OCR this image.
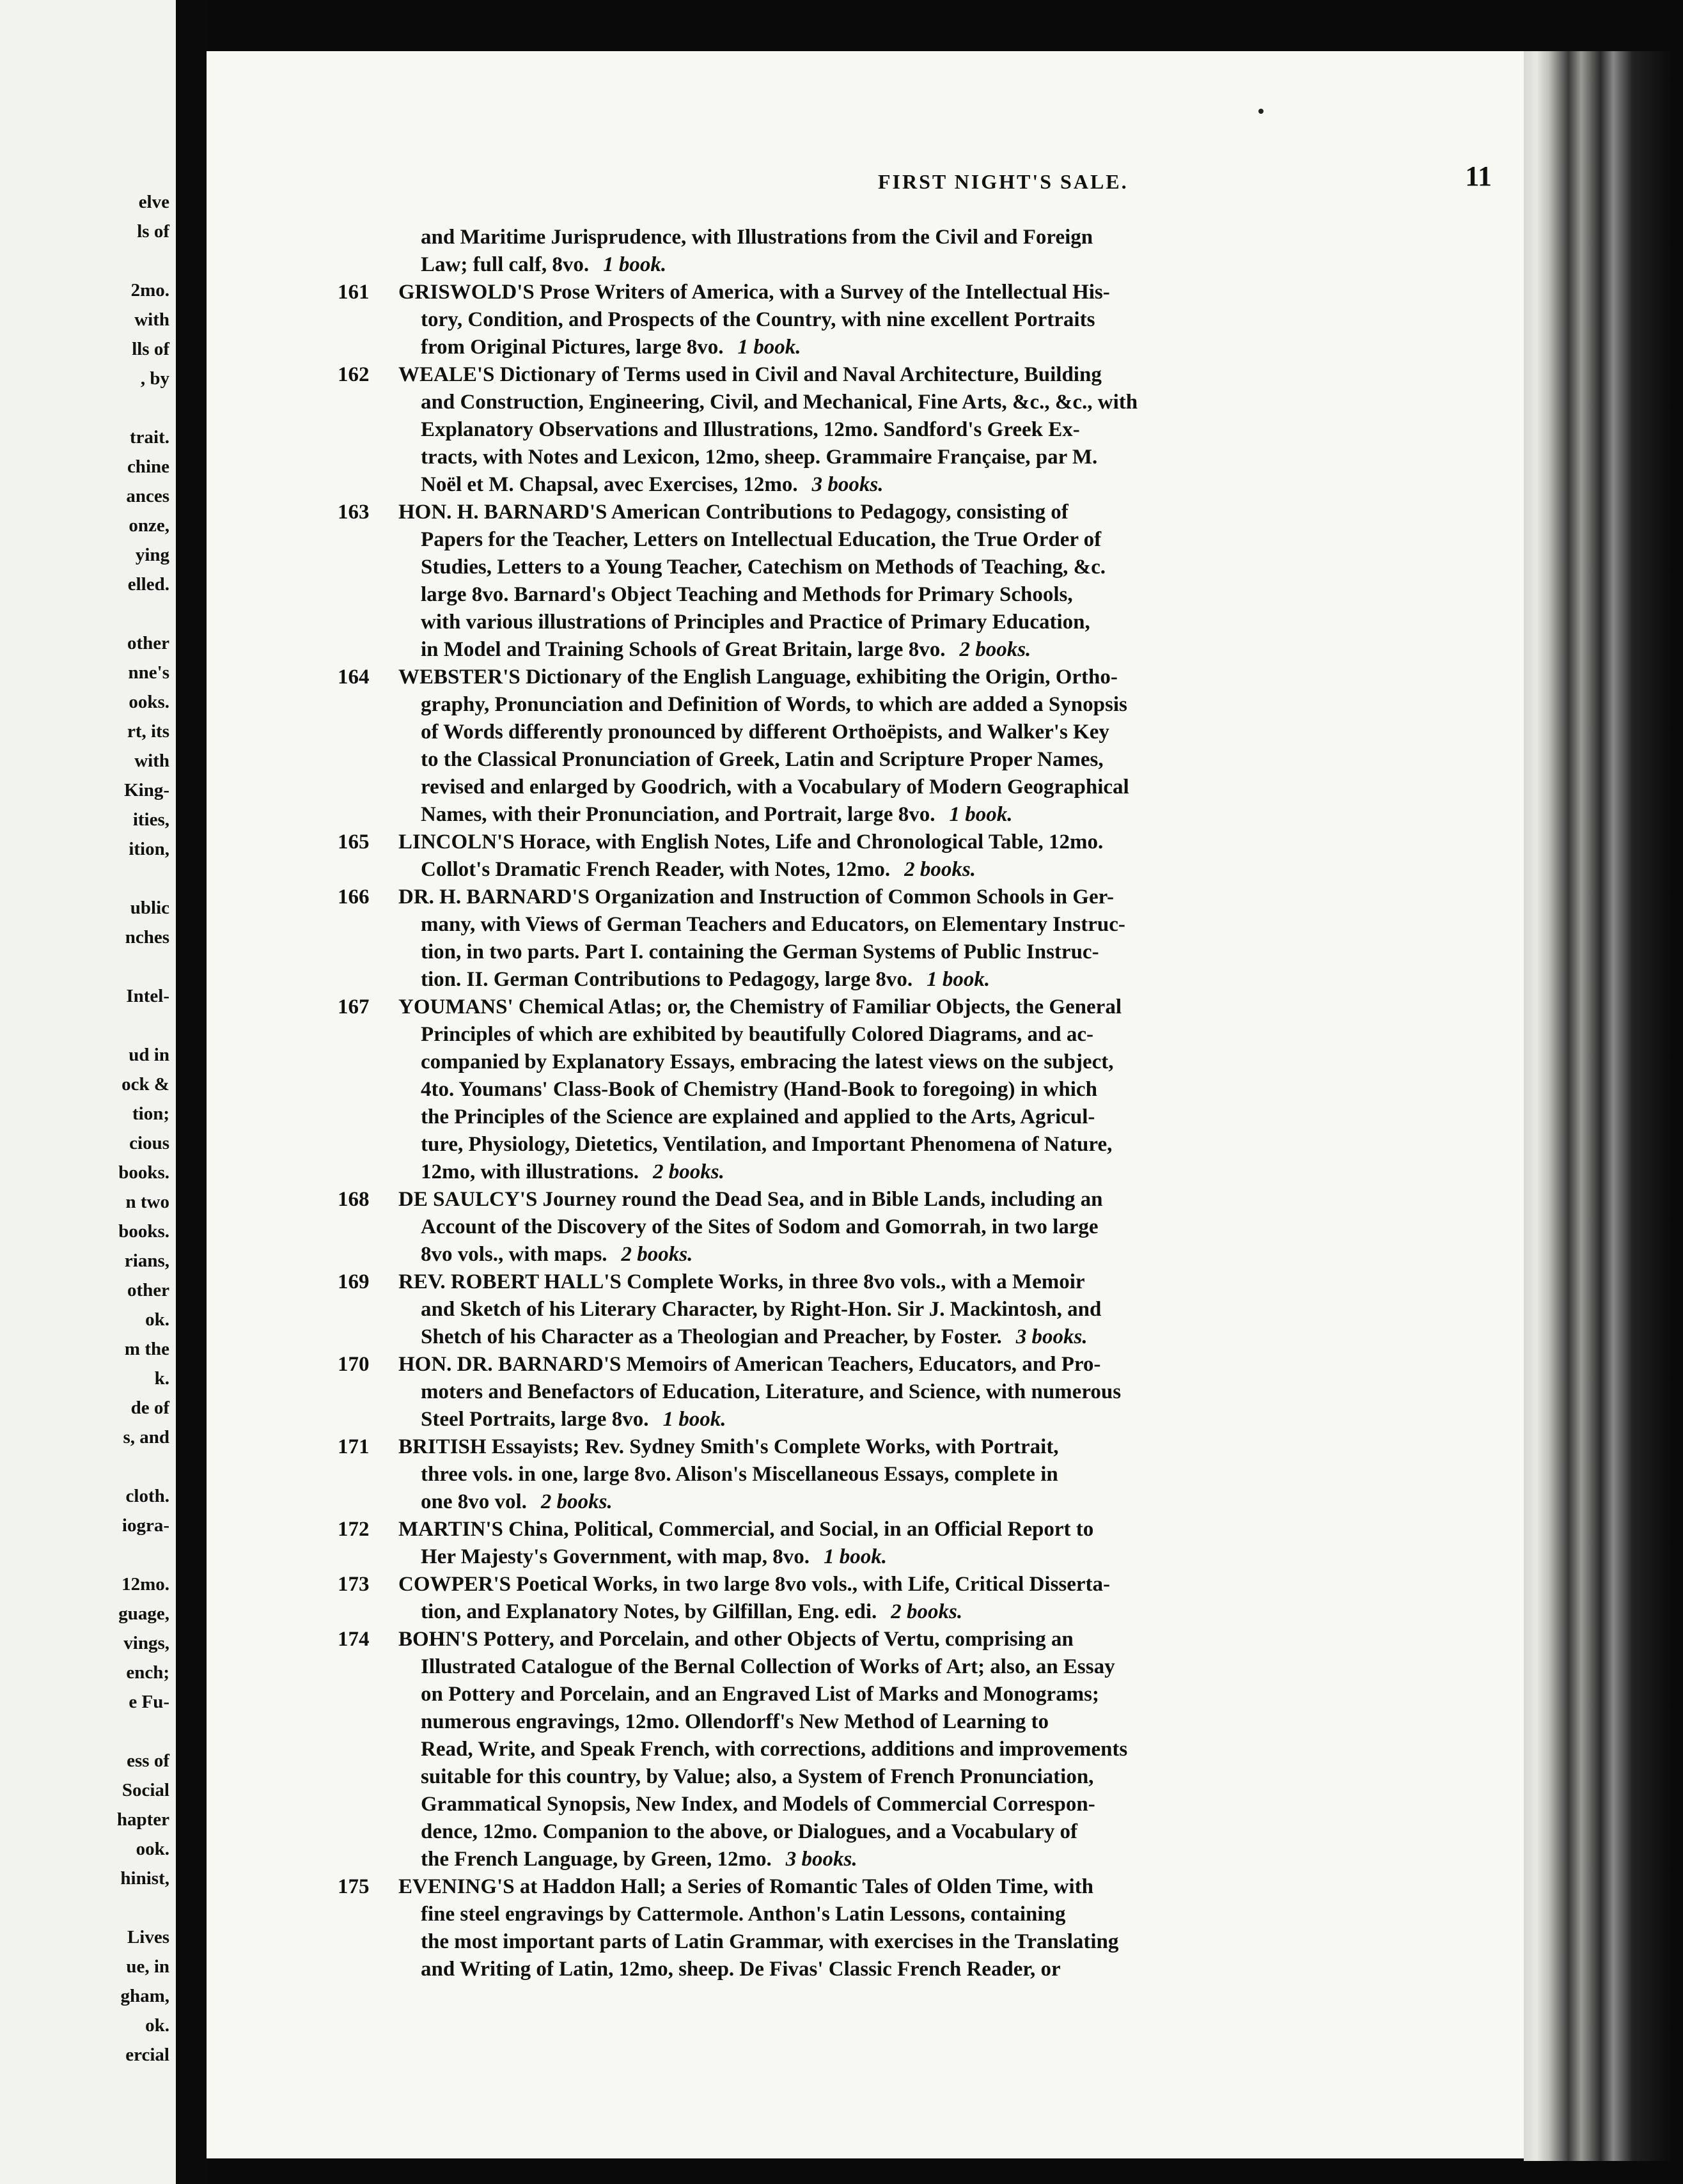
elve
ls of
2mo.
with
lls of
, by
trait.
chine
ances
onze,
ying
elled.
other
nne's
ooks.
rt, its
with
King-
ities,
ition,
ublic
nches
Intel-
ud in
ock &
tion;
cious
books.
n two
books.
rians,
other
ok.
m the
k.
de of
s, and
cloth.
iogra-
12mo.
guage,
vings,
ench;
e Fu-
ess of
Social
hapter
ook.
hinist,
Lives
ue, in
gham,
ok.
ercial
FIRST NIGHT'S SALE.	11
and Maritime Jurisprudence, with Illustrations from the Civil and Foreign
Law; full calf, 8vo. 1 book.
161	GRISWOLD'S Prose Writers of America, with a Survey of the Intellectual His-
tory, Condition, and Prospects of the Country, with nine excellent Portraits
from Original Pictures, large 8vo. 1 book.
162	WEALE'S Dictionary of Terms used in Civil and Naval Architecture, Building
and Construction, Engineering, Civil, and Mechanical, Fine Arts, &c., &c., with
Explanatory Observations and Illustrations, 12mo. Sandford's Greek Ex-
tracts, with Notes and Lexicon, 12mo, sheep. Grammaire Française, par M.
Noël et M. Chapsal, avec Exercises, 12mo. 3 books.
163	HON. H. BARNARD'S American Contributions to Pedagogy, consisting of
Papers for the Teacher, Letters on Intellectual Education, the True Order of
Studies, Letters to a Young Teacher, Catechism on Methods of Teaching, &c.
large 8vo. Barnard's Object Teaching and Methods for Primary Schools,
with various illustrations of Principles and Practice of Primary Education,
in Model and Training Schools of Great Britain, large 8vo. 2 books.
164	WEBSTER'S Dictionary of the English Language, exhibiting the Origin, Ortho-
graphy, Pronunciation and Definition of Words, to which are added a Synopsis
of Words differently pronounced by different Orthoëpists, and Walker's Key
to the Classical Pronunciation of Greek, Latin and Scripture Proper Names,
revised and enlarged by Goodrich, with a Vocabulary of Modern Geographical
Names, with their Pronunciation, and Portrait, large 8vo. 1 book.
165	LINCOLN'S Horace, with English Notes, Life and Chronological Table, 12mo.
Collot's Dramatic French Reader, with Notes, 12mo. 2 books.
166	DR. H. BARNARD'S Organization and Instruction of Common Schools in Ger-
many, with Views of German Teachers and Educators, on Elementary Instruc-
tion, in two parts. Part I. containing the German Systems of Public Instruc-
tion. II. German Contributions to Pedagogy, large 8vo. 1 book.
167	YOUMANS' Chemical Atlas; or, the Chemistry of Familiar Objects, the General
Principles of which are exhibited by beautifully Colored Diagrams, and ac-
companied by Explanatory Essays, embracing the latest views on the subject,
4to. Youmans' Class-Book of Chemistry (Hand-Book to foregoing) in which
the Principles of the Science are explained and applied to the Arts, Agricul-
ture, Physiology, Dietetics, Ventilation, and Important Phenomena of Nature,
12mo, with illustrations. 2 books.
168	DE SAULCY'S Journey round the Dead Sea, and in Bible Lands, including an
Account of the Discovery of the Sites of Sodom and Gomorrah, in two large
8vo vols., with maps. 2 books.
169	REV. ROBERT HALL'S Complete Works, in three 8vo vols., with a Memoir
and Sketch of his Literary Character, by Right-Hon. Sir J. Mackintosh, and
Shetch of his Character as a Theologian and Preacher, by Foster. 3 books.
170	HON. DR. BARNARD'S Memoirs of American Teachers, Educators, and Pro-
moters and Benefactors of Education, Literature, and Science, with numerous
Steel Portraits, large 8vo. 1 book.
171	BRITISH Essayists; Rev. Sydney Smith's Complete Works, with Portrait,
three vols. in one, large 8vo. Alison's Miscellaneous Essays, complete in
one 8vo vol. 2 books.
172	MARTIN'S China, Political, Commercial, and Social, in an Official Report to
Her Majesty's Government, with map, 8vo. 1 book.
173	COWPER'S Poetical Works, in two large 8vo vols., with Life, Critical Disserta-
tion, and Explanatory Notes, by Gilfillan, Eng. edi. 2 books.
174	BOHN'S Pottery, and Porcelain, and other Objects of Vertu, comprising an
Illustrated Catalogue of the Bernal Collection of Works of Art; also, an Essay
on Pottery and Porcelain, and an Engraved List of Marks and Monograms;
numerous engravings, 12mo. Ollendorff's New Method of Learning to
Read, Write, and Speak French, with corrections, additions and improvements
suitable for this country, by Value; also, a System of French Pronunciation,
Grammatical Synopsis, New Index, and Models of Commercial Correspon-
dence, 12mo. Companion to the above, or Dialogues, and a Vocabulary of
the French Language, by Green, 12mo. 3 books.
175	EVENING'S at Haddon Hall; a Series of Romantic Tales of Olden Time, with
fine steel engravings by Cattermole. Anthon's Latin Lessons, containing
the most important parts of Latin Grammar, with exercises in the Translating
and Writing of Latin, 12mo, sheep. De Fivas' Classic French Reader, or
